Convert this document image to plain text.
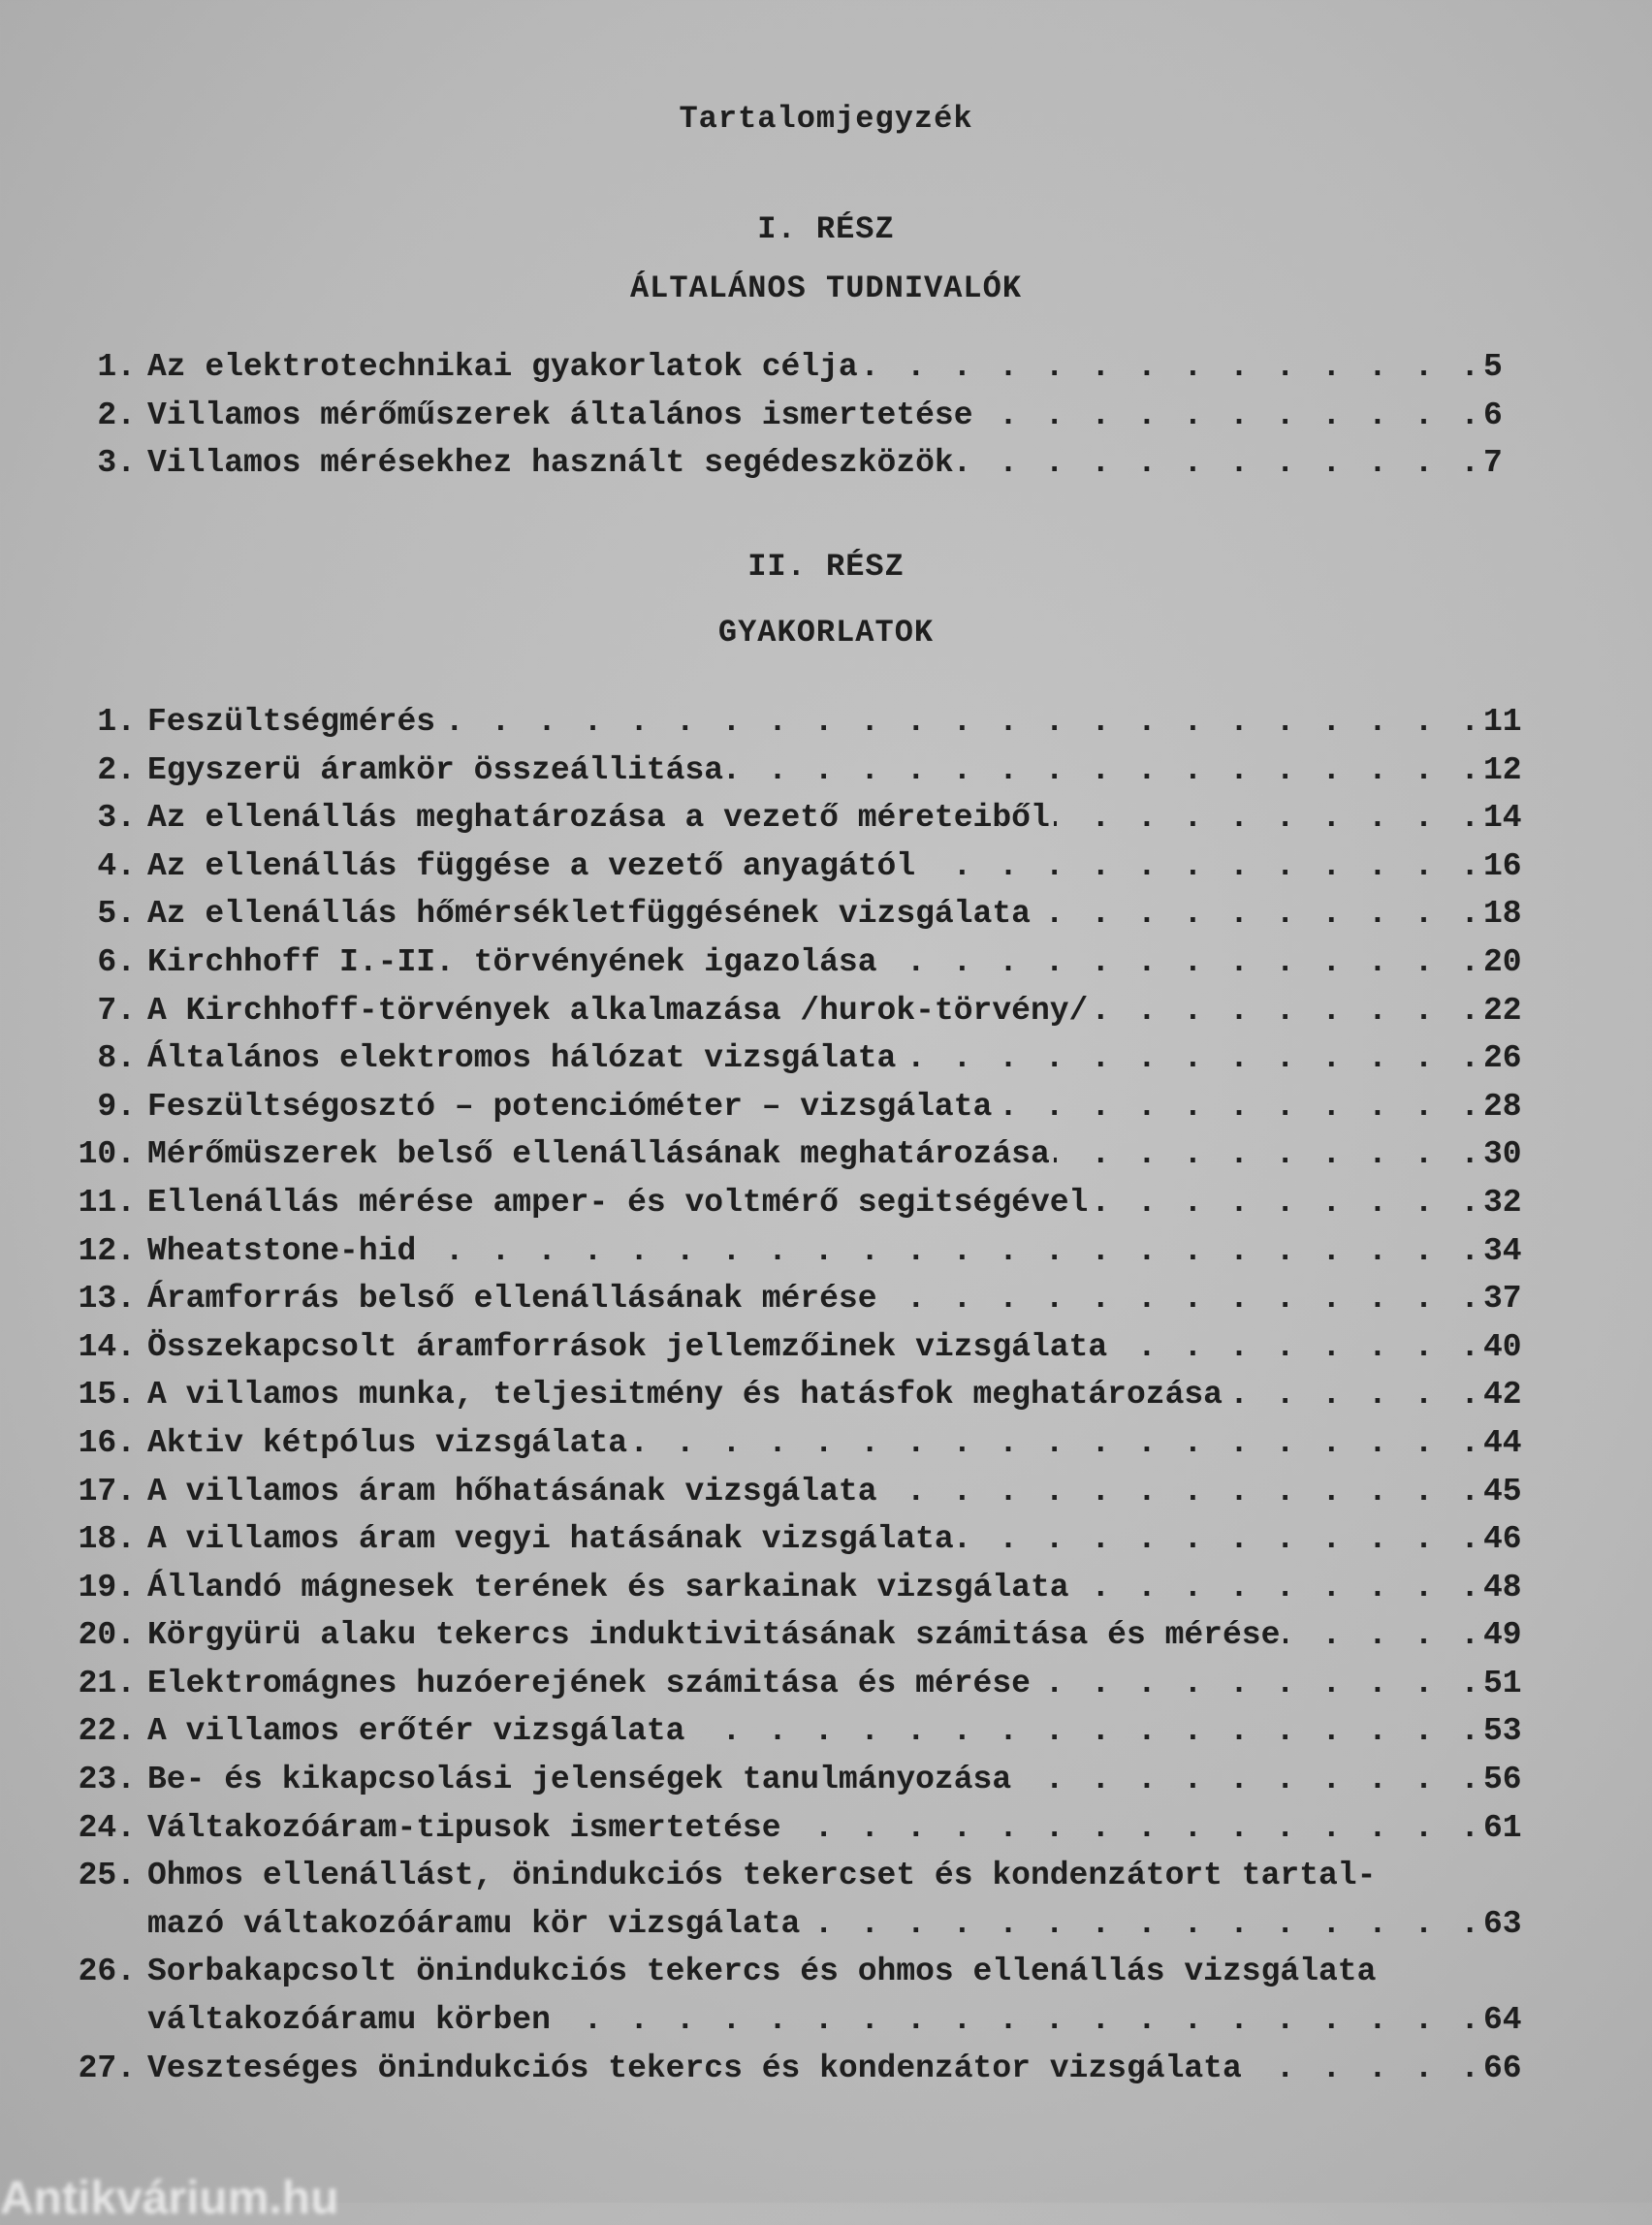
Tartalomjegyzék
I. RÉSZ
ÁLTALÁNOS TUDNIVALÓK
1. Az elektrotechnikai gyakorlatok célja . . .	5
2. Villamos mérőműszerek általános ismertetése . . .	6
3. Villamos mérésekhez használt segédeszközök . . .	7
II. RÉSZ
GYAKORLATOK
1. Feszültségmérés . . .	11
2. Egyszerü áramkör összeállitása . . .	12
3. Az ellenállás meghatározása a vezető méreteiből . . .	14
4. Az ellenállás függése a vezető anyagától . . .	16
5. Az ellenállás hőmérsékletfüggésének vizsgálata . . .	18
6. Kirchhoff I.-II. törvényének igazolása . . .	20
7. A Kirchhoff-törvények alkalmazása /hurok-törvény/ . . .	22
8. Általános elektromos hálózat vizsgálata . . .	26
9. Feszültségosztó – potencióméter – vizsgálata . . .	28
10. Mérőmüszerek belső ellenállásának meghatározása . . .	30
11. Ellenállás mérése amper- és voltmérő segitségével . . .	32
12. Wheatstone-hid . . .	34
13. Áramforrás belső ellenállásának mérése . . .	37
14. Összekapcsolt áramforrások jellemzőinek vizsgálata . . .	40
15. A villamos munka, teljesitmény és hatásfok meghatározása . . .	42
16. Aktiv kétpólus vizsgálata . . .	44
17. A villamos áram hőhatásának vizsgálata . . .	45
18. A villamos áram vegyi hatásának vizsgálata . . .	46
19. Állandó mágnesek terének és sarkainak vizsgálata . . .	48
20. Körgyürü alaku tekercs induktivitásának számitása és mérése . . .	49
21. Elektromágnes huzóerejének számitása és mérése . . .	51
22. A villamos erőtér vizsgálata . . .	53
23. Be- és kikapcsolási jelenségek tanulmányozása . . .	56
24. Váltakozóáram-tipusok ismertetése . . .	61
25. Ohmos ellenállást, önindukciós tekercset és kondenzátort tartal-
mazó váltakozóáramu kör vizsgálata . . .	63
26. Sorbakapcsolt önindukciós tekercs és ohmos ellenállás vizsgálata
váltakozóáramu körben . . .	64
27. Veszteséges önindukciós tekercs és kondenzátor vizsgálata . . .	66
Antikvárium.hu
